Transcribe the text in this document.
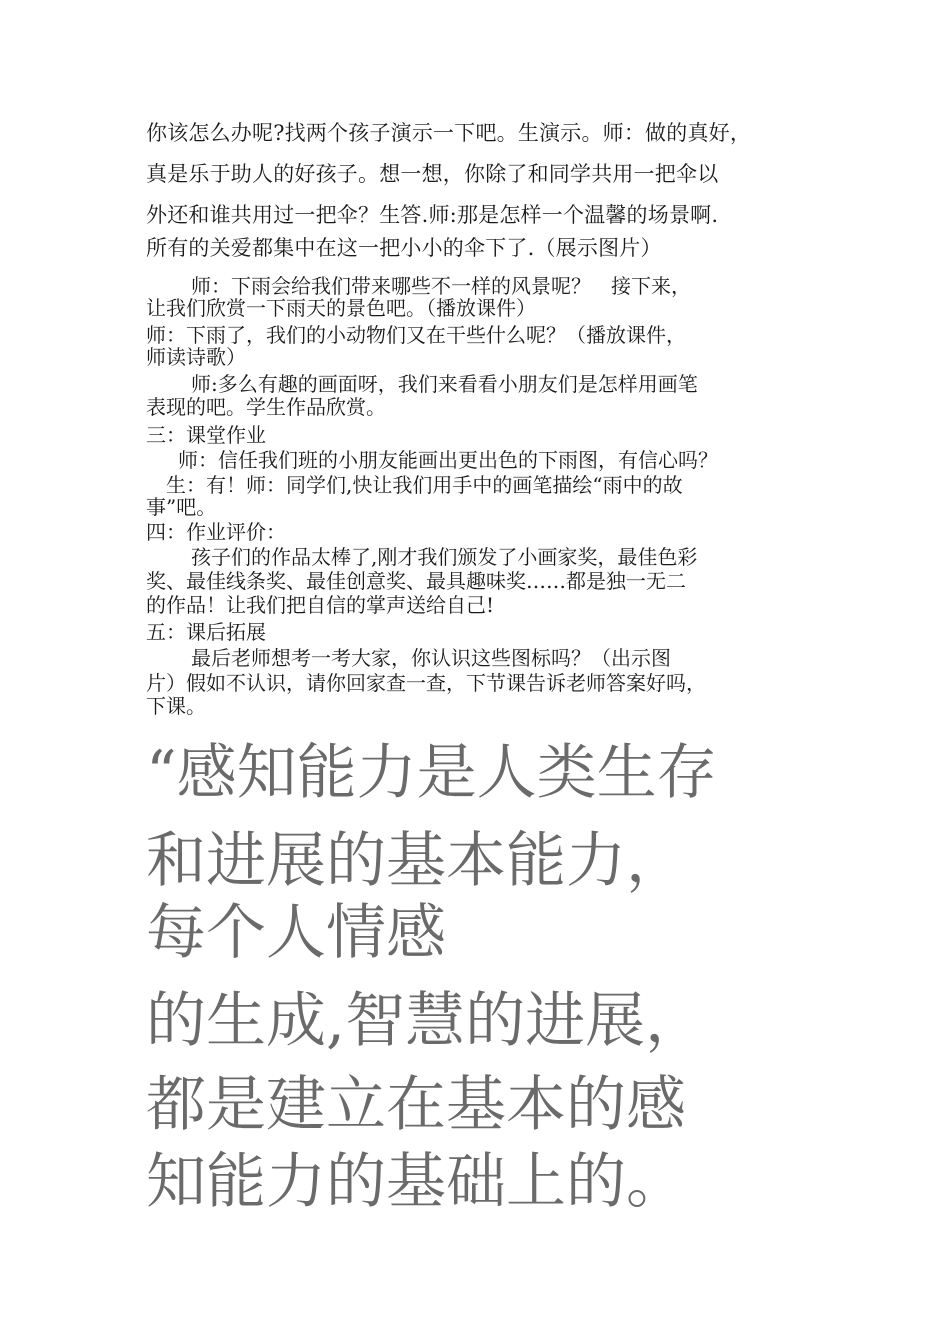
你该怎么办呢?找两个孩子演示一下吧。生演示。师：做的真好，
真是乐于助人的好孩子。想一想，你除了和同学共用一把伞以
外还和谁共用过一把伞？生答.师:那是怎样一个温馨的场景啊.
所有的关爱都集中在这一把小小的伞下了.（展示图片）
师：下雨会给我们带来哪些不一样的风景呢？　接下来，
让我们欣赏一下雨天的景色吧。（播放课件）
师：下雨了，我们的小动物们又在干些什么呢？（播放课件，
师读诗歌）
师:多么有趣的画面呀，我们来看看小朋友们是怎样用画笔
表现的吧。学生作品欣赏。
三：课堂作业
师：信任我们班的小朋友能画出更出色的下雨图，有信心吗？
生：有！师：同学们,快让我们用手中的画笔描绘“雨中的故
事”吧。
四：作业评价：
孩子们的作品太棒了,刚才我们颁发了小画家奖，最佳色彩
奖、最佳线条奖、最佳创意奖、最具趣味奖……都是独一无二
的作品！让我们把自信的掌声送给自己!
五：课后拓展
最后老师想考一考大家，你认识这些图标吗？（出示图
片）假如不认识，请你回家查一查，下节课告诉老师答案好吗，
下课。
“感知能力是人类生存
和进展的基本能力，
每个人情感
的生成,智慧的进展，
都是建立在基本的感
知能力的基础上的。
